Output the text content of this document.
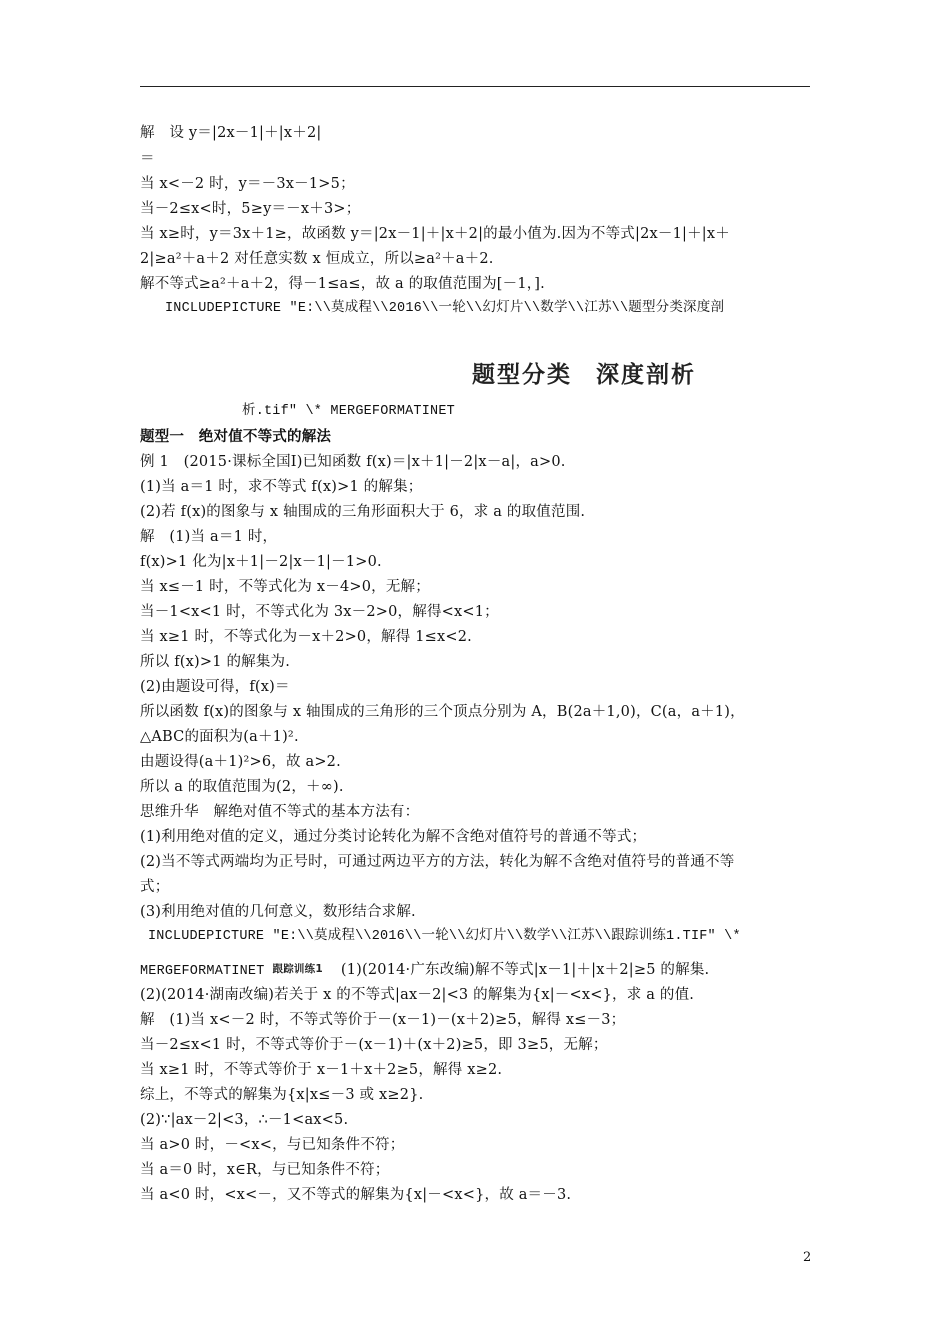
解　设 y＝|2x－1|＋|x＋2|
＝
当 x<－2 时，y＝－3x－1>5；
当－2≤x<时，5≥y＝－x＋3>；
当 x≥时，y＝3x＋1≥，故函数 y＝|2x－1|＋|x＋2|的最小值为.因为不等式|2x－1|＋|x＋
2|≥a²＋a＋2 对任意实数 x 恒成立，所以≥a²＋a＋2.
解不等式≥a²＋a＋2，得－1≤a≤，故 a 的取值范围为[－1，].
INCLUDEPICTURE "E:\\莫成程\\2016\\一轮\\幻灯片\\数学\\江苏\\题型分类深度剖
题型分类 深度剖析
析.tif" \* MERGEFORMATINET
题型一　绝对值不等式的解法
例 1　(2015·课标全国Ⅰ)已知函数 f(x)＝|x＋1|－2|x－a|，a>0.
(1)当 a＝1 时，求不等式 f(x)>1 的解集；
(2)若 f(x)的图象与 x 轴围成的三角形面积大于 6，求 a 的取值范围.
解　(1)当 a＝1 时，
f(x)>1 化为|x＋1|－2|x－1|－1>0.
当 x≤－1 时，不等式化为 x－4>0，无解；
当－1<x<1 时，不等式化为 3x－2>0，解得<x<1；
当 x≥1 时，不等式化为－x＋2>0，解得 1≤x<2.
所以 f(x)>1 的解集为.
(2)由题设可得，f(x)＝
所以函数 f(x)的图象与 x 轴围成的三角形的三个顶点分别为 A，B(2a＋1,0)，C(a，a＋1)，
△ABC的面积为(a＋1)².
由题设得(a＋1)²>6，故 a>2.
所以 a 的取值范围为(2，＋∞).
思维升华　解绝对值不等式的基本方法有：
(1)利用绝对值的定义，通过分类讨论转化为解不含绝对值符号的普通不等式；
(2)当不等式两端均为正号时，可通过两边平方的方法，转化为解不含绝对值符号的普通不等
式；
(3)利用绝对值的几何意义，数形结合求解.
INCLUDEPICTURE "E:\\莫成程\\2016\\一轮\\幻灯片\\数学\\江苏\\跟踪训练1.TIF" \*
MERGEFORMATINET 跟踪训练1 (1)(2014·广东改编)解不等式|x－1|＋|x＋2|≥5 的解集.
(2)(2014·湖南改编)若关于 x 的不等式|ax－2|<3 的解集为{x|－<x<}，求 a 的值.
解　(1)当 x<－2 时，不等式等价于－(x－1)－(x＋2)≥5，解得 x≤－3；
当－2≤x<1 时，不等式等价于－(x－1)＋(x＋2)≥5，即 3≥5，无解；
当 x≥1 时，不等式等价于 x－1＋x＋2≥5，解得 x≥2.
综上，不等式的解集为{x|x≤－3 或 x≥2}.
(2)∵|ax－2|<3，∴－1<ax<5.
当 a>0 时，－<x<，与已知条件不符；
当 a＝0 时，x∈R，与已知条件不符；
当 a<0 时，<x<－，又不等式的解集为{x|－<x<}，故 a＝－3.
2
